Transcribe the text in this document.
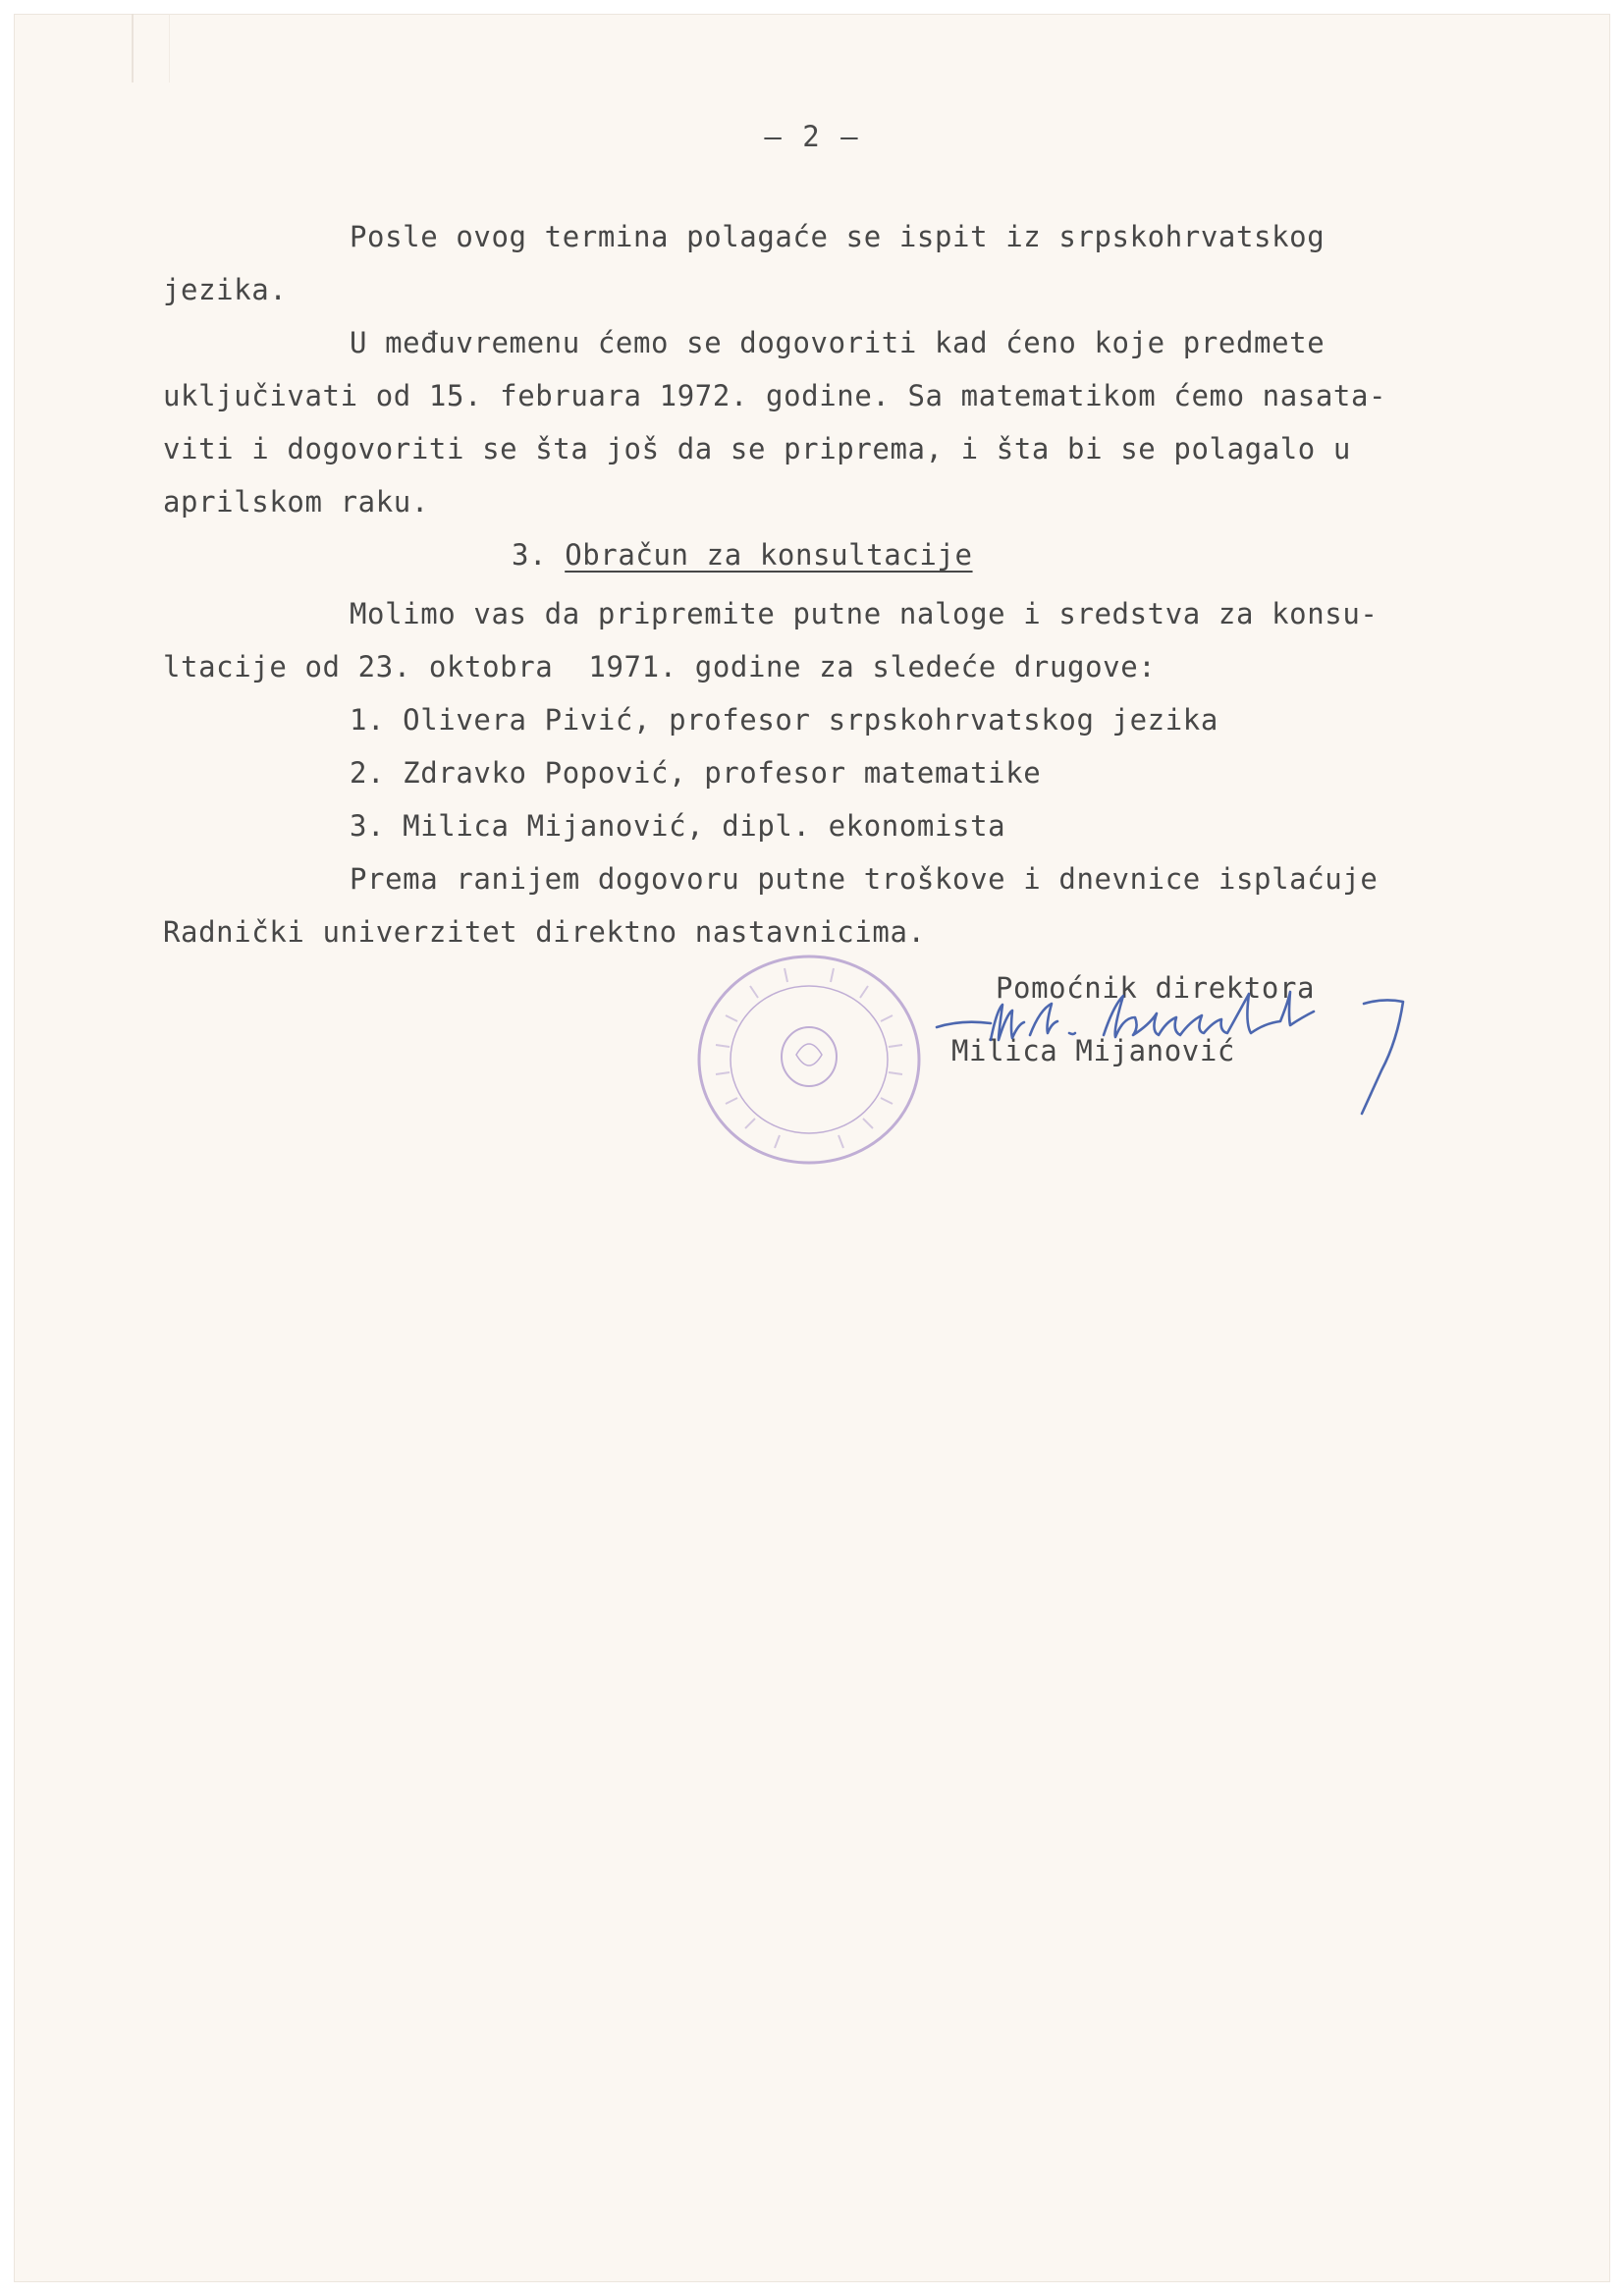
– 2 –
Posle ovog termina polagaće se ispit iz srpskohrvatskog
jezika.
U međuvremenu ćemo se dogovoriti kad ćeno koje predmete
uključivati od 15. februara 1972. godine. Sa matematikom ćemo nasata-
viti i dogovoriti se šta još da se priprema, i šta bi se polagalo u
aprilskom raku.
3. Obračun za konsultacije
Molimo vas da pripremite putne naloge i sredstva za konsu-
ltacije od 23. oktobra  1971. godine za sledeće drugove:
1. Olivera Pivić, profesor srpskohrvatskog jezika
2. Zdravko Popović, profesor matematike
3. Milica Mijanović, dipl. ekonomista
Prema ranijem dogovoru putne troškove i dnevnice isplaćuje
Radnički univerzitet direktno nastavnicima.
Pomoćnik direktora
Milica Mijanović
